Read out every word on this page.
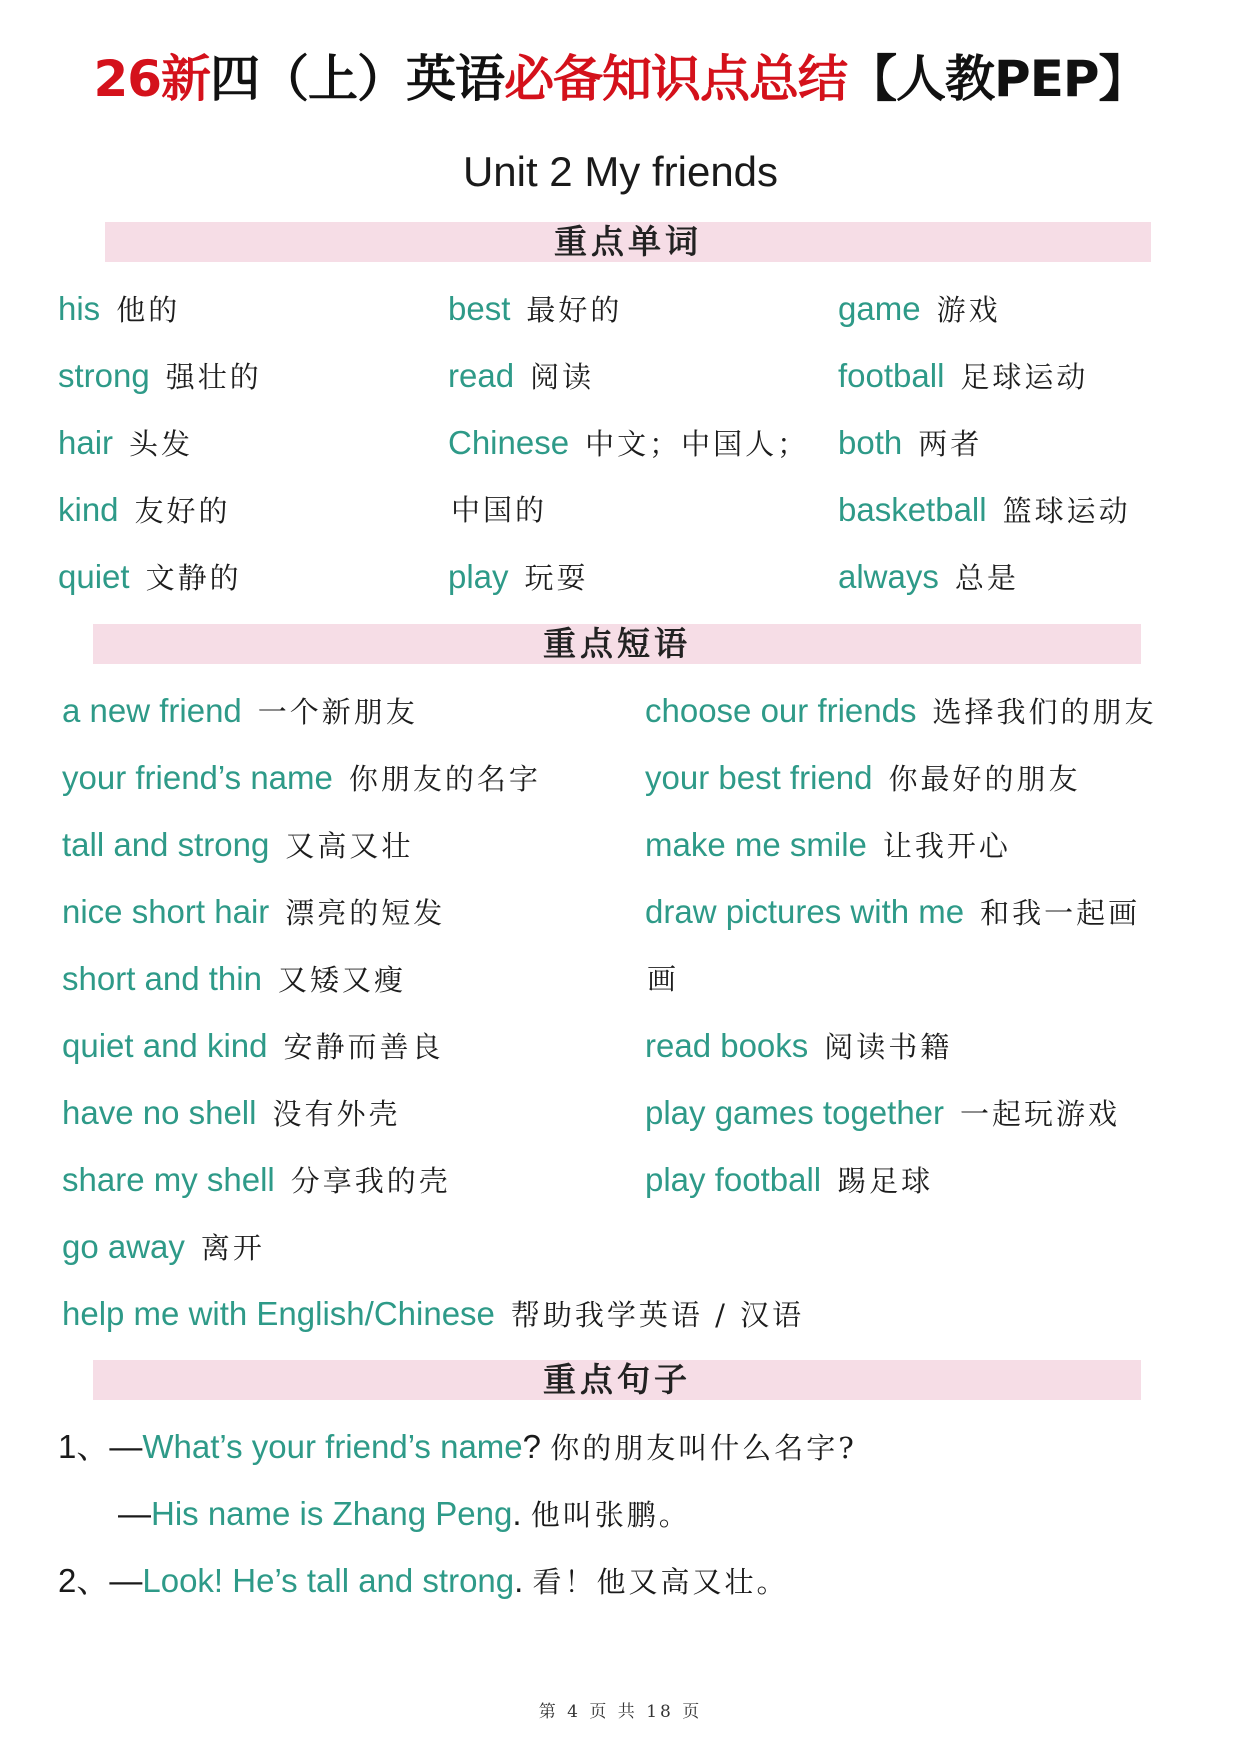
26新四（上）英语必备知识点总结【人教PEP】
Unit 2 My friends
重点单词
his 他的
strong 强壮的
hair 头发
kind 友好的
quiet 文静的
best 最好的
read 阅读
Chinese 中文；中国人；
中国的
play 玩耍
game 游戏
football 足球运动
both 两者
basketball 篮球运动
always 总是
重点短语
a new friend 一个新朋友
your friend’s name 你朋友的名字
tall and strong 又高又壮
nice short hair 漂亮的短发
short and thin 又矮又瘦
quiet and kind 安静而善良
have no shell 没有外壳
share my shell 分享我的壳
go away 离开
help me with English/Chinese 帮助我学英语 / 汉语
choose our friends 选择我们的朋友
your best friend 你最好的朋友
make me smile 让我开心
draw pictures with me 和我一起画
画
read books 阅读书籍
play games together 一起玩游戏
play football 踢足球
重点句子
1、—What’s your friend’s name? 你的朋友叫什么名字?
—His name is Zhang Peng. 他叫张鹏。
2、—Look! He’s tall and strong. 看！他又高又壮。
第 4 页 共 18 页
